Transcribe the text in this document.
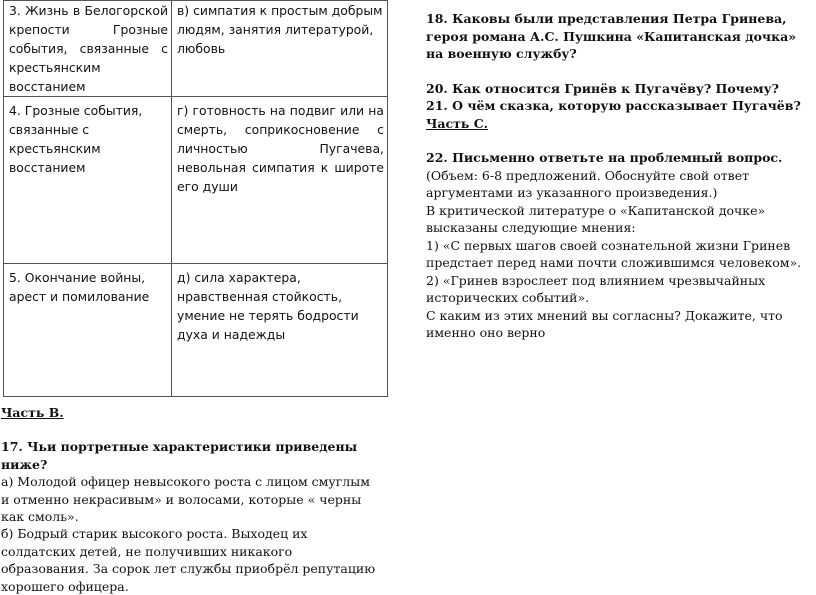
3. Жизнь в Белогорской крепости Грозные события, связанные с крестьянским восстанием	в) симпатия к простым добрым людям, занятия литературой, любовь
4. Грозные события, связанные с крестьянским восстанием	г) готовность на подвиг или на смерть, соприкосновение с личностью Пугачева, невольная симпатия к широте его души

5. Окончание войны, арест и помилование	д) сила характера, нравственная стойкость, умение не терять бодрости духа и надежды

18. Каковы были представления Петра Гринева, героя романа А.С. Пушкина «Капитанская дочка» на военную службу?

20. Как относится Гринёв к Пугачёву? Почему?

21. О чём сказка, которую рассказывает Пугачёв?

Часть С.

22. Письменно ответьте на проблемный вопрос.

(Объем: 6-8 предложений. Обоснуйте свой ответ аргументами из указанного произведения.)

В критической литературе о «Капитанской дочке» высказаны следующие мнения:

1) «С первых шагов своей сознательной жизни Гринев предстает перед нами почти сложившимся человеком».

2) «Гринев взрослеет под влиянием чрезвычайных исторических событий».

С каким из этих мнений вы согласны? Докажите, что именно оно верно

Часть В.

17. Чьи портретные характеристики приведены ниже?

а) Молодой офицер невысокого роста с лицом смуглым и отменно некрасивым» и волосами, которые « черны как смоль».

б) Бодрый старик высокого роста. Выходец их солдатских детей, не получивших никакого образования. За сорок лет службы приобрёл репутацию хорошего офицера.
